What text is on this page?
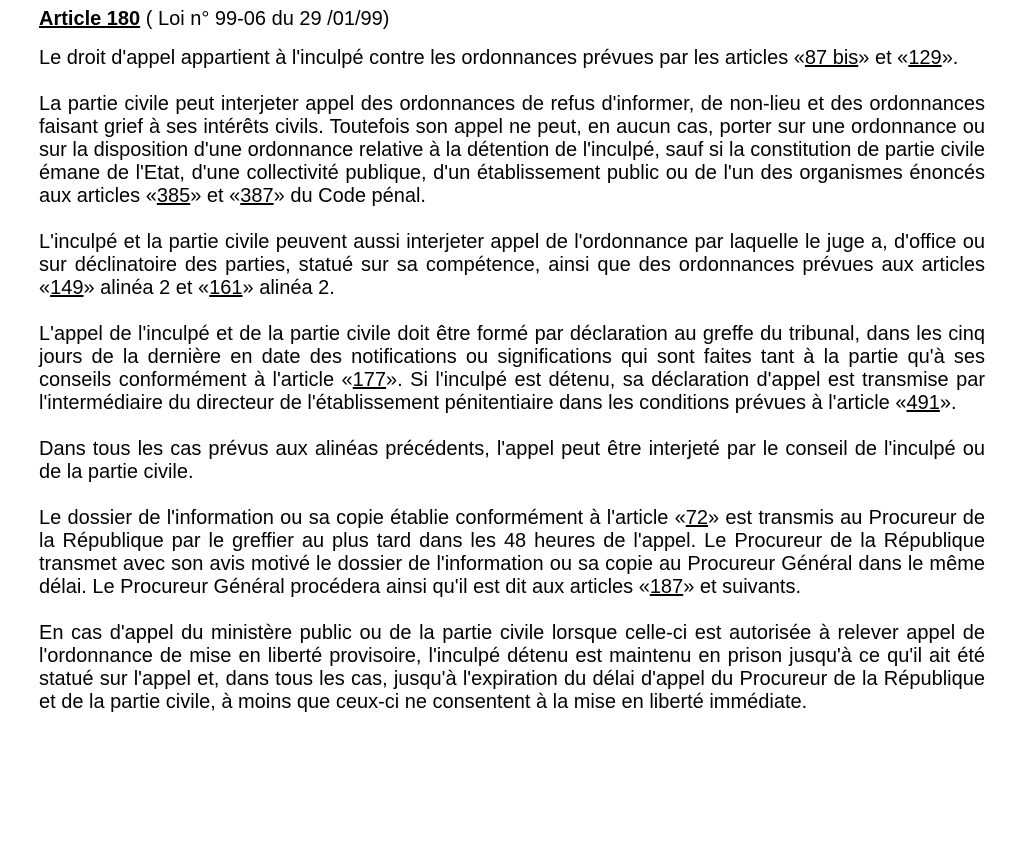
Article 180 ( Loi n° 99-06 du 29 /01/99)

Le droit d'appel appartient à l'inculpé contre les ordonnances prévues par les articles «87 bis» et «129».

La partie civile peut interjeter appel des ordonnances de refus d'informer, de non-lieu et des ordonnances faisant grief à ses intérêts civils. Toutefois son appel ne peut, en aucun cas, porter sur une ordonnance ou sur la disposition d'une ordonnance relative à la détention de l'inculpé, sauf si la constitution de partie civile émane de l'Etat, d'une collectivité publique, d'un établissement public ou de l'un des organismes énoncés aux articles «385» et «387» du Code pénal.

L'inculpé et la partie civile peuvent aussi interjeter appel de l'ordonnance par laquelle le juge a, d'office ou sur déclinatoire des parties, statué sur sa compétence, ainsi que des ordonnances prévues aux articles «149» alinéa 2 et «161» alinéa 2.

L'appel de l'inculpé et de la partie civile doit être formé par déclaration au greffe du tribunal, dans les cinq jours de la dernière en date des notifications ou significations qui sont faites tant à la partie qu'à ses conseils conformément à l'article «177». Si l'inculpé est détenu, sa déclaration d'appel est transmise par l'intermédiaire du directeur de l'établissement pénitentiaire dans les conditions prévues à l'article «491».

Dans tous les cas prévus aux alinéas précédents, l'appel peut être interjeté par le conseil de l'inculpé ou de la partie civile.

Le dossier de l'information ou sa copie établie conformément à l'article «72» est transmis au Procureur de la République par le greffier au plus tard dans les 48 heures de l'appel. Le Procureur de la République transmet avec son avis motivé le dossier de l'information ou sa copie au Procureur Général dans le même délai. Le Procureur Général procédera ainsi qu'il est dit aux articles «187» et suivants.

En cas d'appel du ministère public ou de la partie civile lorsque celle-ci est autorisée à relever appel de l'ordonnance de mise en liberté provisoire, l'inculpé détenu est maintenu en prison jusqu'à ce qu'il ait été statué sur l'appel et, dans tous les cas, jusqu'à l'expiration du délai d'appel du Procureur de la République et de la partie civile, à moins que ceux-ci ne consentent à la mise en liberté immédiate.
